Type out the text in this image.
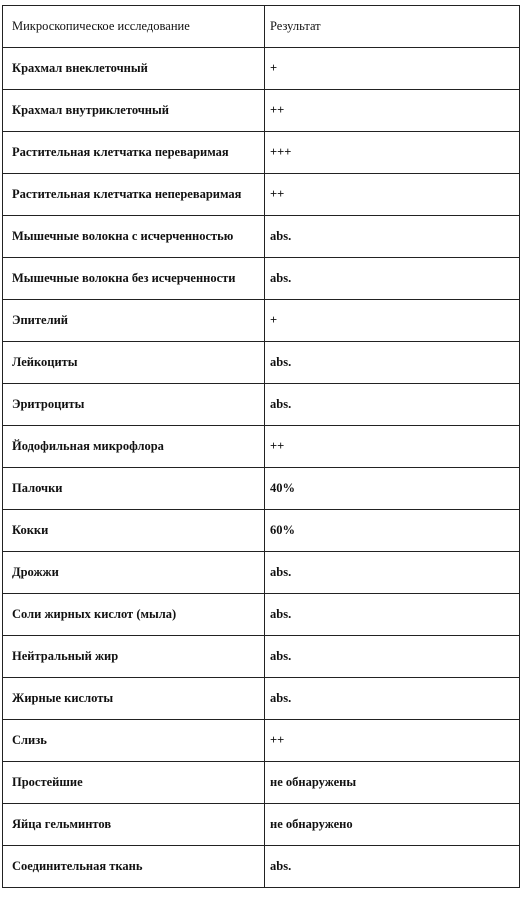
Микроскопическое исследование	Результат
Крахмал внеклеточный	+
Крахмал внутриклеточный	++
Растительная клетчатка переваримая	+++
Растительная клетчатка непереваримая	++
Мышечные волокна с исчерченностью	abs.
Мышечные волокна без исчерченности	abs.
Эпителий	+
Лейкоциты	abs.
Эритроциты	abs.
Йодофильная микрофлора	++
Палочки	40%
Кокки	60%
Дрожжи	abs.
Соли жирных кислот (мыла)	abs.
Нейтральный жир	abs.
Жирные кислоты	abs.
Слизь	++
Простейшие	не обнаружены
Яйца гельминтов	не обнаружено
Соединительная ткань	abs.
